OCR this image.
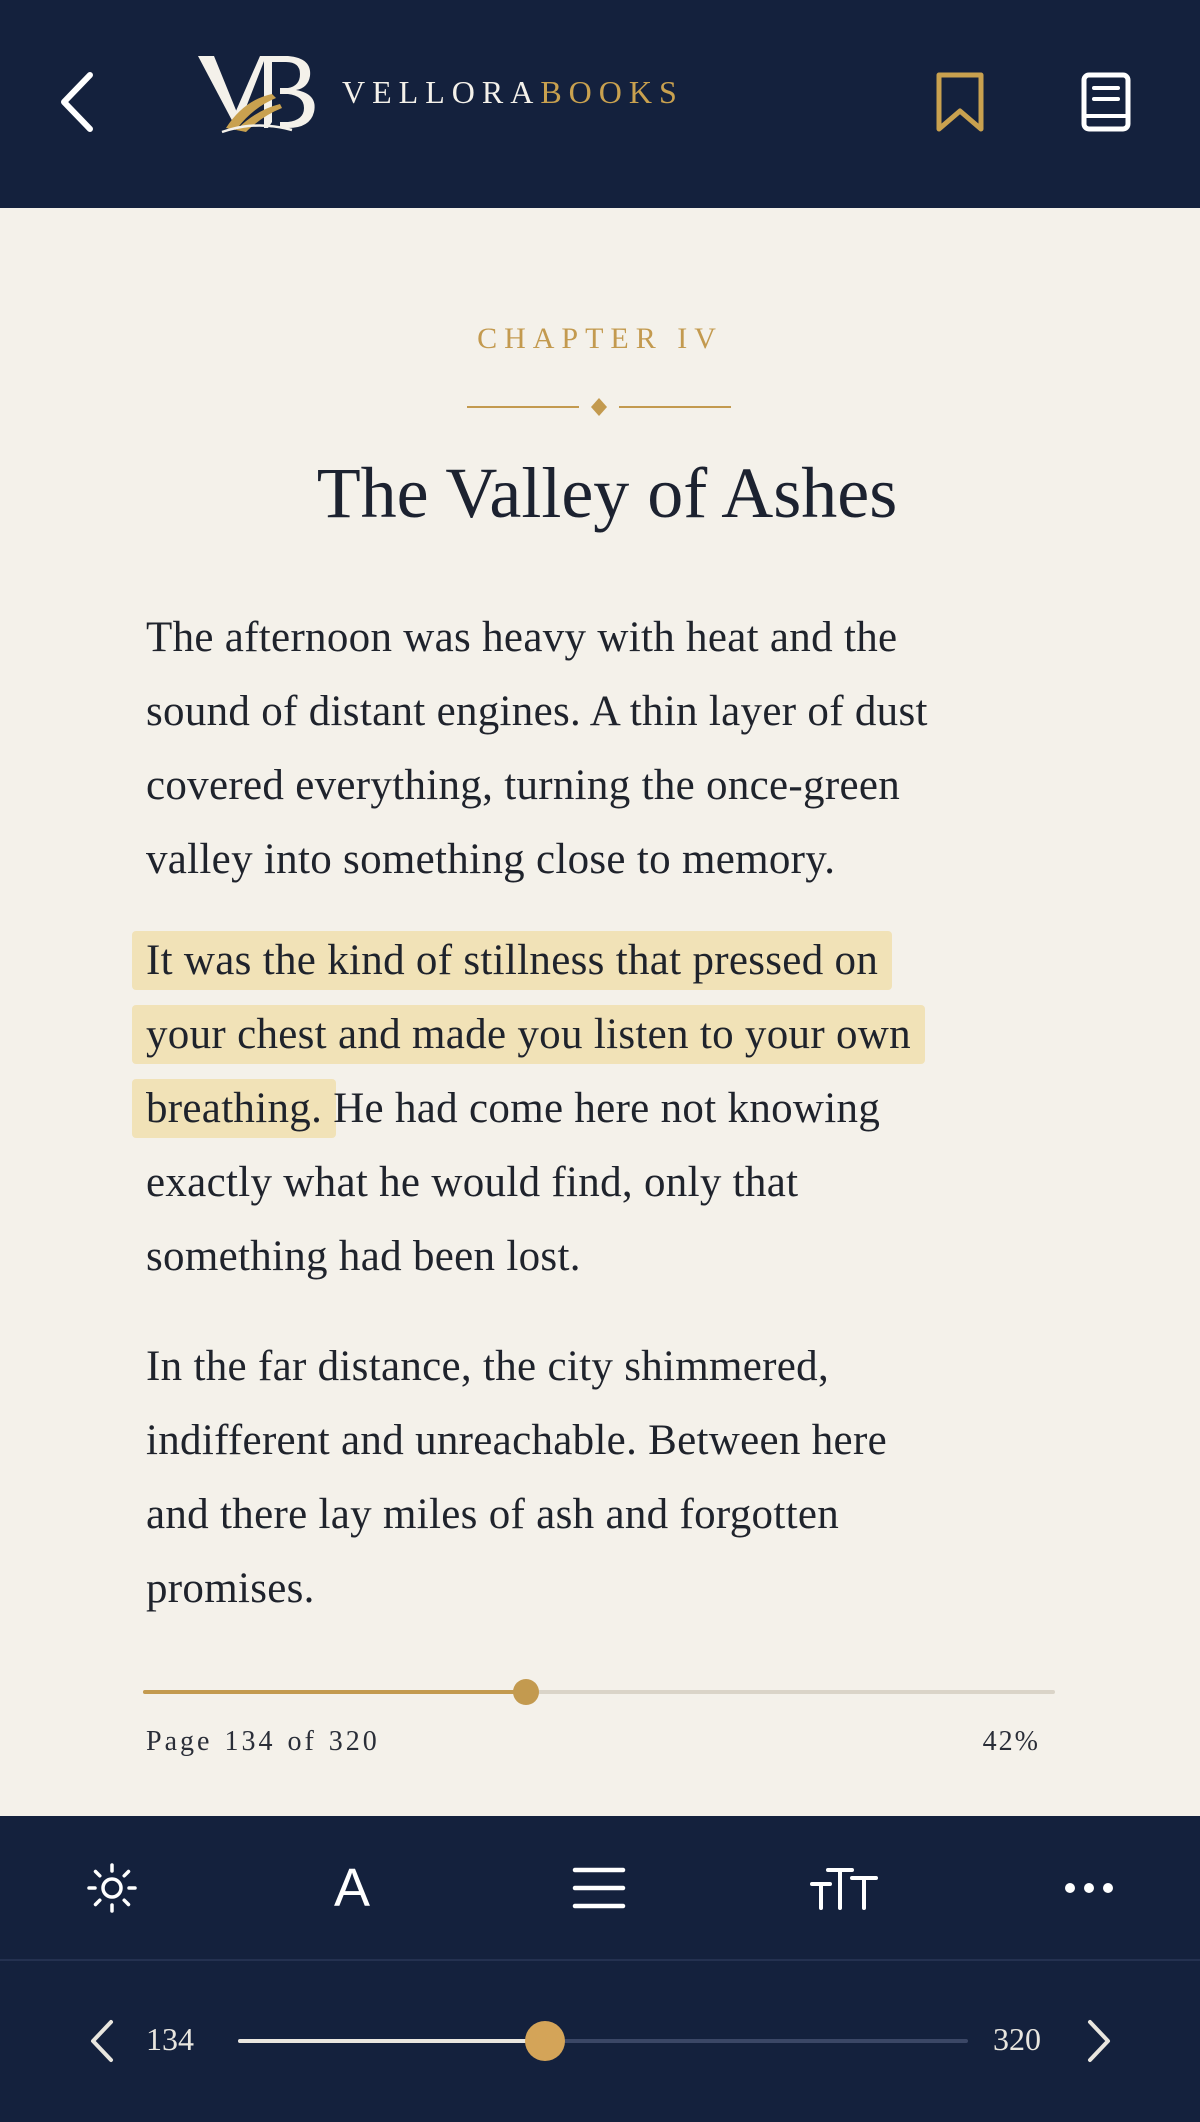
VELLORABOOKS
CHAPTER IV
The Valley of Ashes
The afternoon was heavy with heat and the
sound of distant engines. A thin layer of dust
covered everything, turning the once-green
valley into something close to memory.
It was the kind of stillness that pressed on
your chest and made you listen to your own
breathing. He had come here not knowing
exactly what he would find, only that
something had been lost.
In the far distance, the city shimmered,
indifferent and unreachable. Between here
and there lay miles of ash and forgotten
promises.
Page 134 of 320	42%
A
134	320
